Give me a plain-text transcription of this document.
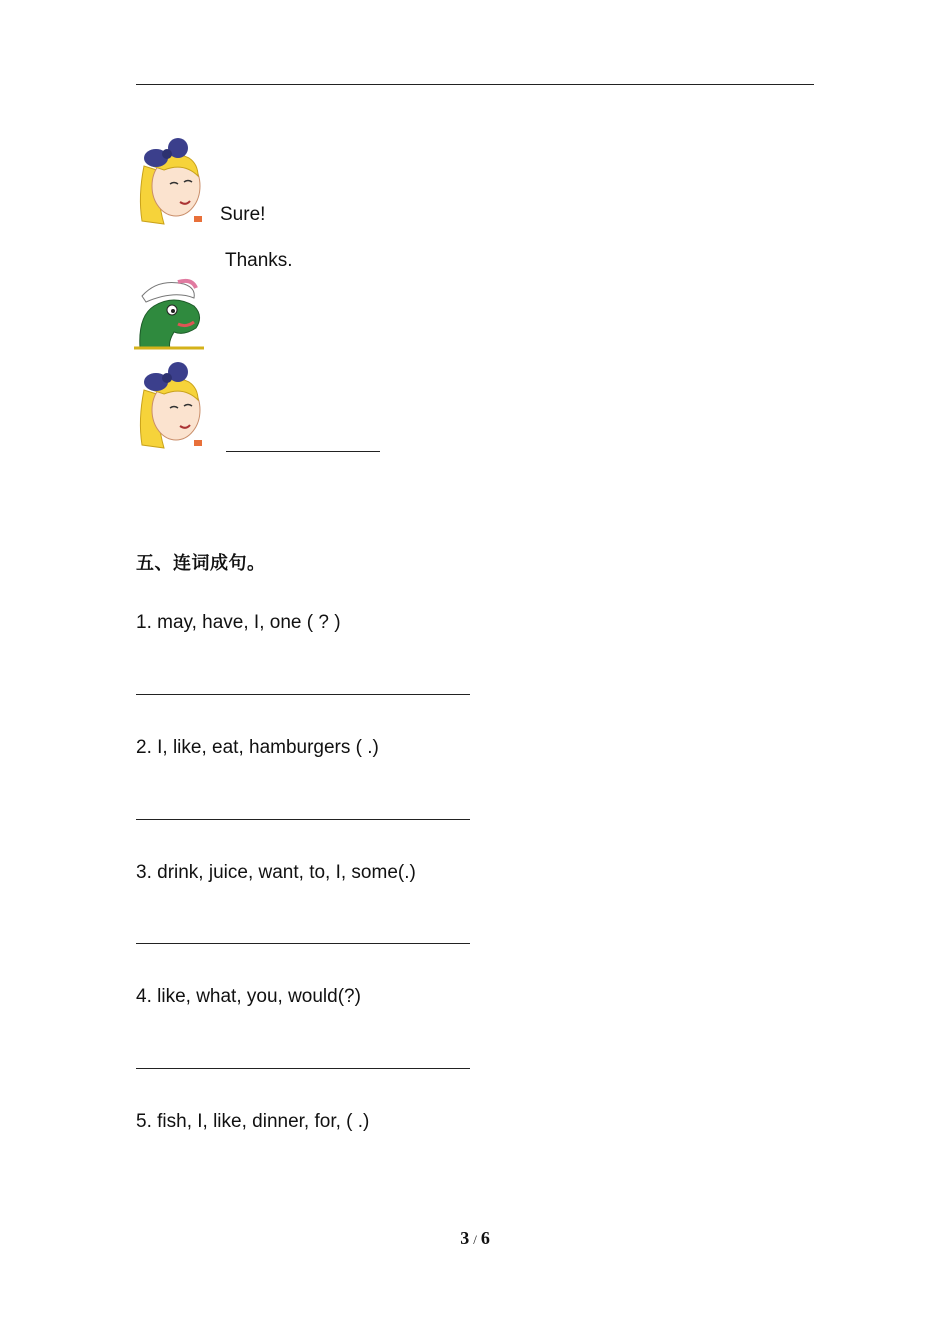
Sure!
Thanks.
五、连词成句。
1. may, have, I, one ( ? )
2. I, like, eat, hamburgers ( .)
3. drink, juice, want, to, I, some(.)
4. like, what, you, would(?)
5. fish, I, like, dinner, for, ( .)
3 / 6
